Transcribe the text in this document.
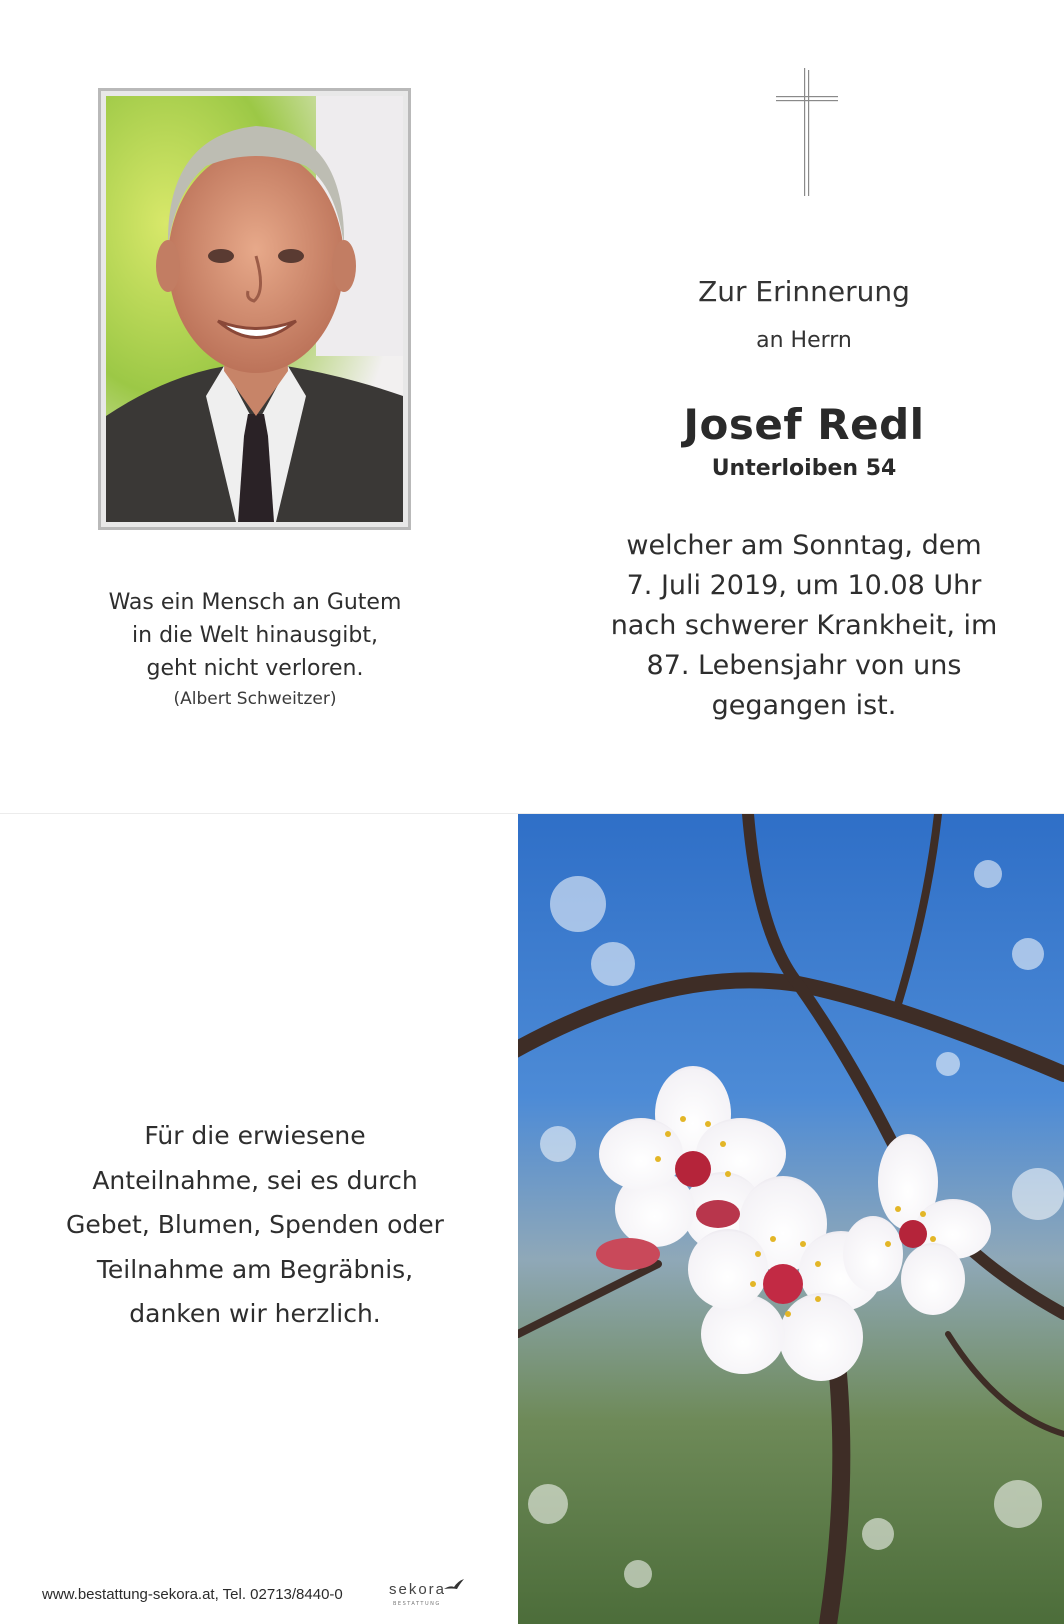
Was ein Mensch an Gutem
in die Welt hinausgibt,
geht nicht verloren.
(Albert Schweitzer)
Zur Erinnerung
an Herrn
Josef Redl
Unterloiben 54
welcher am Sonntag, dem
7. Juli 2019, um 10.08 Uhr
nach schwerer Krankheit, im
87. Lebensjahr von uns
gegangen ist.
Für die erwiesene
Anteilnahme, sei es durch
Gebet, Blumen, Spenden oder
Teilnahme am Begräbnis,
danken wir herzlich.
www.bestattung-sekora.at, Tel. 02713/8440-0	sekora
BESTATTUNG
